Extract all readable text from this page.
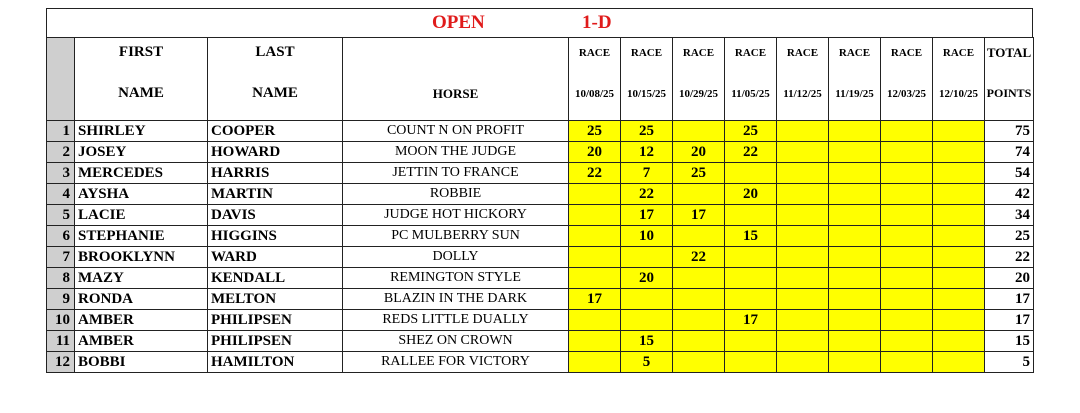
OPEN	1-D

FIRST	LAST		RACE	RACE	RACE	RACE	RACE	RACE	RACE	RACE	TOTAL

NAME	NAME	HORSE	10/08/25	10/15/25	10/29/25	11/05/25	11/12/25	11/19/25	12/03/25	12/10/25	POINTS

1	SHIRLEY	COOPER	COUNT N ON PROFIT	25	25		25					75
2	JOSEY	HOWARD	MOON THE JUDGE	20	12	20	22					74
3	MERCEDES	HARRIS	JETTIN TO FRANCE	22	7	25						54
4	AYSHA	MARTIN	ROBBIE		22		20					42
5	LACIE	DAVIS	JUDGE HOT HICKORY		17	17						34
6	STEPHANIE	HIGGINS	PC MULBERRY SUN		10		15					25
7	BROOKLYNN	WARD	DOLLY			22						22
8	MAZY	KENDALL	REMINGTON STYLE		20							20
9	RONDA	MELTON	BLAZIN IN THE DARK	17								17
10	AMBER	PHILIPSEN	REDS LITTLE DUALLY				17					17
11	AMBER	PHILIPSEN	SHEZ ON CROWN		15							15
12	BOBBI	HAMILTON	RALLEE FOR VICTORY		5							5
